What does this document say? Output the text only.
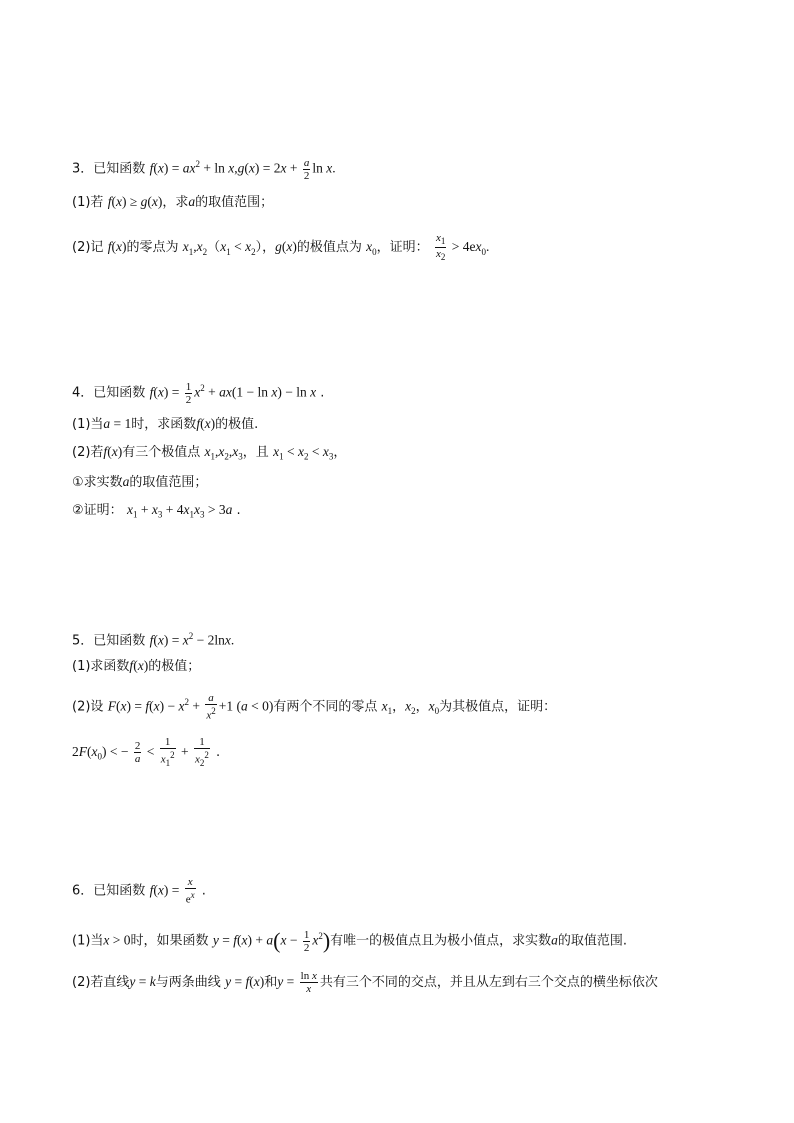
3．已知函数 $f(x) = ax^2 + \ln x,g(x) = 2x + \frac{a}{2}$ ln x.
(1)若 f(x) ≥ g(x)，求a的取值范围；
(2)记 f(x)的零点为 $x_1,x_2(x_1 < x_2)$，g(x)的极值点为 $x_0$，证明： $\frac{x_1}{x_2} > 4ex_0$.
4．已知函数 $f(x) = \frac{1}{2} x^2 + ax(1 - \ln x) - \ln x$ .
(1)当a = 1时，求函数f(x)的极值.
(2)若f(x)有三个极值点 $x_1,x_2,x_3$，且 $x_1 < x_2 < x_3$，
①求实数a的取值范围；
②证明： $x_1 + x_3 + 4x_1x_3 > 3a$ .
5．已知函数 $f(x) = x^2 - 2\ln x$.
(1)求函数f(x)的极值；
(2)设 $F(x) = f(x) - x^2 + \frac{a}{x^2} +1$ (a < 0)有两个不同的零点 $x_1$，$x_2$，$x_0$为其极值点，证明：
$2F(x_0)$ < − $\frac{2}{a} < \frac{1}{x_1^2} + \frac{1}{x_2^2}$ .
6．已知函数 $f(x) = \frac{x}{e^x}$ .
(1)当x > 0时，如果函数 $y = f(x) + a(x - \frac{1}{2} x^2)$有唯一的极值点且为极小值点，求实数a的取值范围.
(2)若直线y = k与两条曲线 y = f(x)和$y = \frac{\text{ln x}}{x}$ 共有三个不同的交点，并且从左到右三个交点的横坐标依次
